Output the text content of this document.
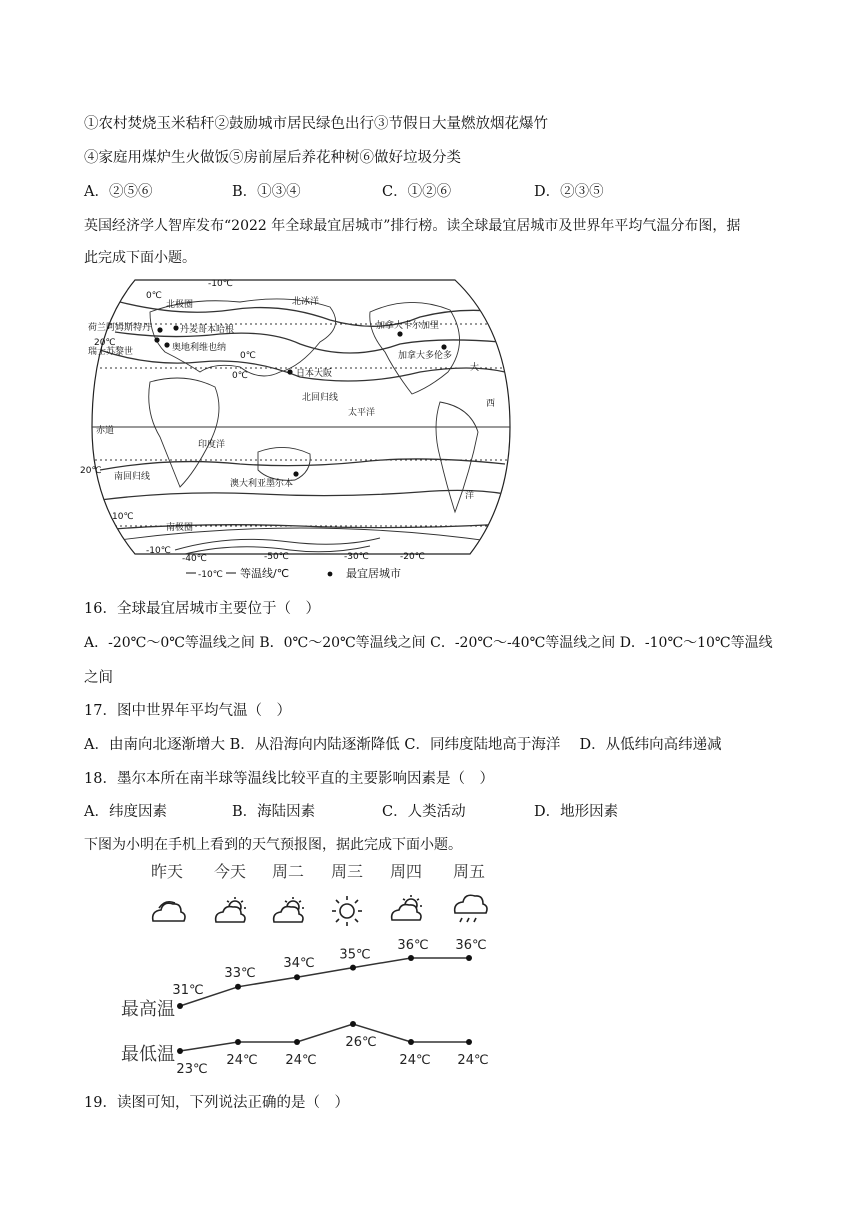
①农村焚烧玉米秸秆②鼓励城市居民绿色出行③节假日大量燃放烟花爆竹
④家庭用煤炉生火做饭⑤房前屋后养花种树⑥做好垃圾分类
A．②⑤⑥	B．①③④	C．①②⑥	D．②③⑤
英国经济学人智库发布“2022 年全球最宜居城市”排行榜。读全球最宜居城市及世界年平均气温分布图，据
此完成下面小题。
-10℃
0℃
北极圈	北冰洋
荷兰阿姆斯特丹	丹麦哥本哈根
20℃
瑞士苏黎世	奥地利维也纳
加拿大卡尔加里
加拿大多伦多
0℃
0℃	日本大阪
北回归线
太平洋
赤道
印度洋
20℃
南回归线
澳大利亚墨尔本
10℃
南极圈
-10℃
大
西
洋
-40℃	-50℃	-30℃	-20℃
-10℃ 等温线/℃	最宜居城市
16．全球最宜居城市主要位于（　）
A．-20℃～0℃等温线之间 B．0℃～20℃等温线之间 C．-20℃～-40℃等温线之间 D．-10℃～10℃等温线
之间
17．图中世界年平均气温（　）
A．由南向北逐渐增大 B．从沿海向内陆逐渐降低 C．同纬度陆地高于海洋　 D．从低纬向高纬递减
18．墨尔本所在南半球等温线比较平直的主要影响因素是（　）
A．纬度因素	B．海陆因素	C．人类活动	D．地形因素
下图为小明在手机上看到的天气预报图，据此完成下面小题。
昨天 今天 周二 周三 周四 周五
最高温
最低温
31℃
33℃
34℃
35℃
36℃ 36℃
23℃
24℃ 24℃
26℃
24℃ 24℃
19．读图可知，下列说法正确的是（　）
